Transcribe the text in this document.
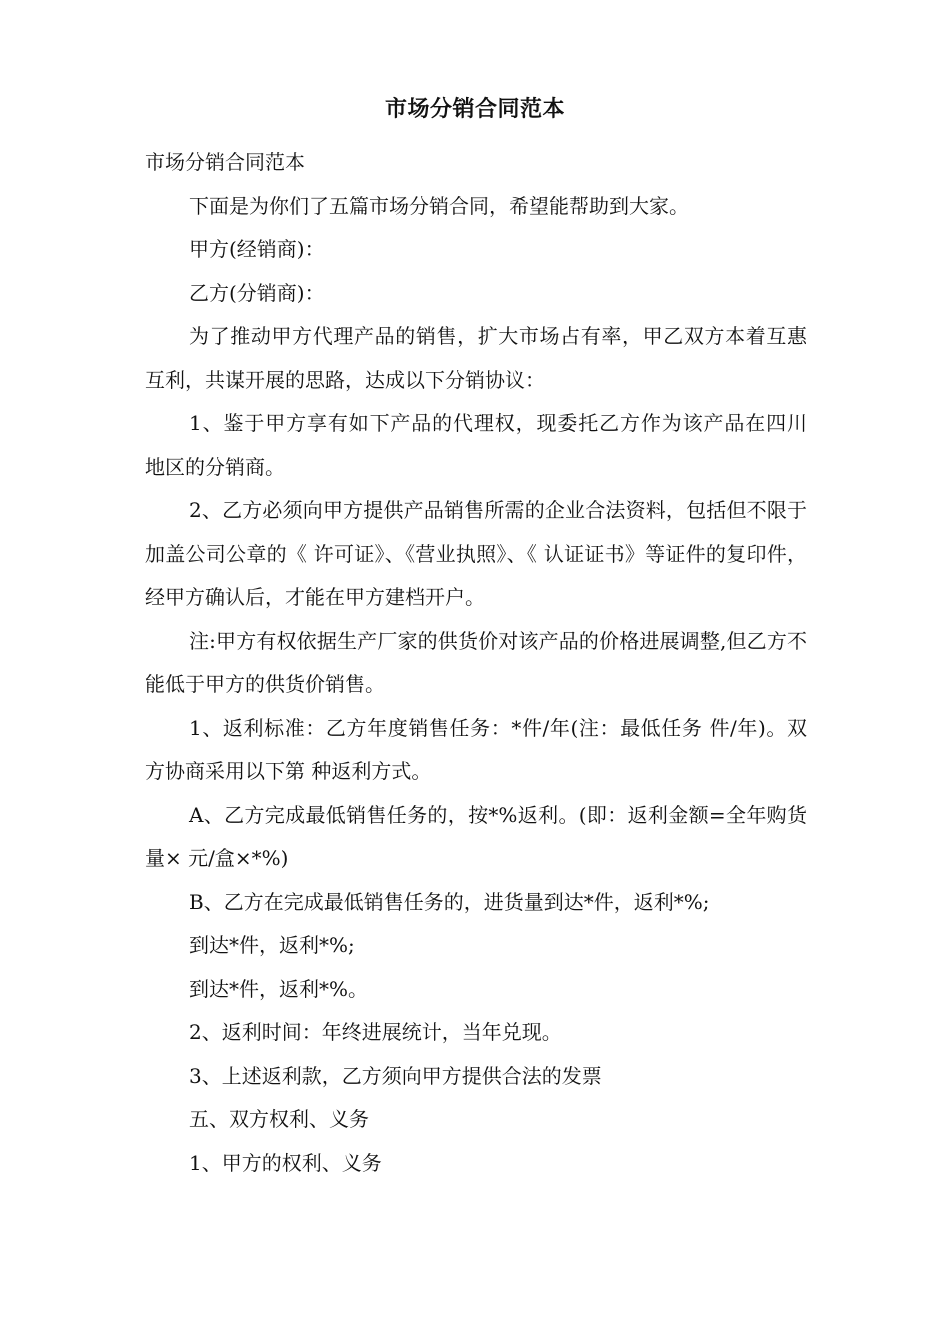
市场分销合同范本

市场分销合同范本

下面是为你们了五篇市场分销合同，希望能帮助到大家。

甲方(经销商)：

乙方(分销商)：

为了推动甲方代理产品的销售，扩大市场占有率，甲乙双方本着互惠互利，共谋开展的思路，达成以下分销协议：

1、鉴于甲方享有如下产品的代理权，现委托乙方作为该产品在四川 地区的分销商。

2、乙方必须向甲方提供产品销售所需的企业合法资料，包括但不限于加盖公司公章的《 许可证》、《营业执照》、《 认证证书》等证件的复印件，经甲方确认后，才能在甲方建档开户。

注:甲方有权依据生产厂家的供货价对该产品的价格进展调整,但乙方不能低于甲方的供货价销售。

1、返利标准：乙方年度销售任务：*件/年(注：最低任务 件/年)。双方协商采用以下第 种返利方式。

A、乙方完成最低销售任务的，按*%返利。(即：返利金额=全年购货量× 元/盒×*%)

B、乙方在完成最低销售任务的，进货量到达*件，返利*%;

到达*件，返利*%;

到达*件，返利*%。

2、返利时间：年终进展统计，当年兑现。

3、上述返利款，乙方须向甲方提供合法的发票

五、双方权利、义务

1、甲方的权利、义务
